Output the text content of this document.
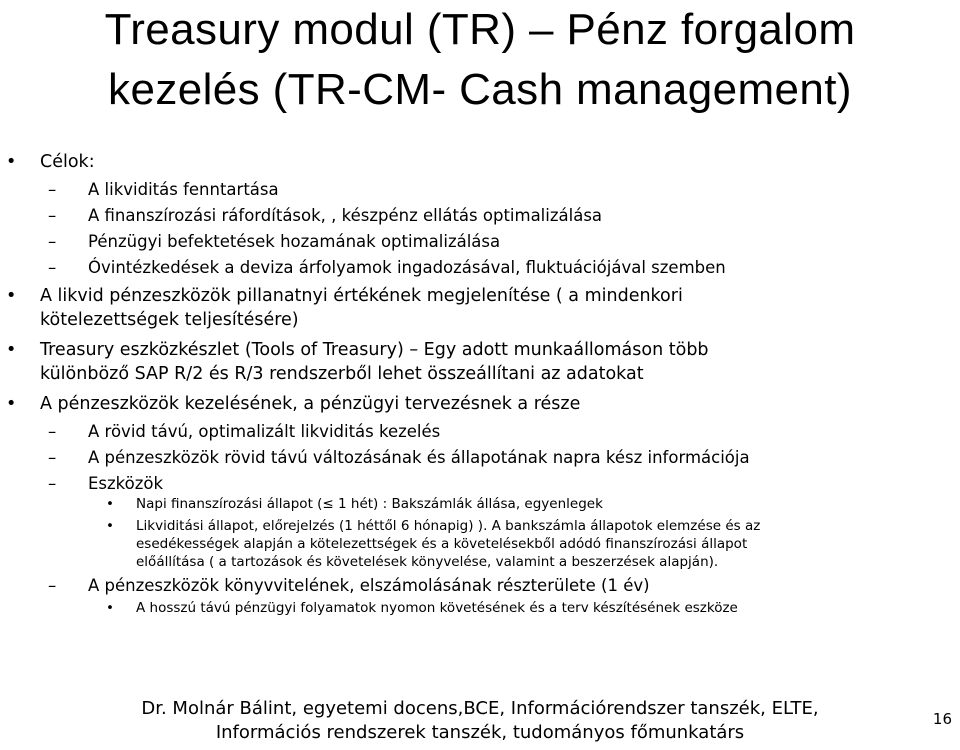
Treasury modul (TR) – Pénz forgalom
kezelés (TR-CM- Cash management)
• Célok:
– A likviditás fenntartása
– A finanszírozási ráfordítások, , készpénz ellátás optimalizálása
– Pénzügyi befektetések hozamának optimalizálása
– Óvintézkedések a deviza árfolyamok ingadozásával, fluktuációjával szemben
• A likvid pénzeszközök pillanatnyi értékének megjelenítése ( a mindenkori
kötelezettségek teljesítésére)
• Treasury eszközkészlet (Tools of Treasury) – Egy adott munkaállomáson több
különböző SAP R/2 és R/3 rendszerből lehet összeállítani az adatokat
• A pénzeszközök kezelésének, a pénzügyi tervezésnek a része
– A rövid távú, optimalizált likviditás kezelés
– A pénzeszközök rövid távú változásának és állapotának napra kész információja
– Eszközök
• Napi finanszírozási állapot (≤ 1 hét) : Bakszámlák állása, egyenlegek
• Likviditási állapot, előrejelzés (1 héttől 6 hónapig) ). A bankszámla állapotok elemzése és az
esedékességek alapján a kötelezettségek és a követelésekből adódó finanszírozási állapot
előállítása ( a tartozások és követelések könyvelése, valamint a beszerzések alapján).
– A pénzeszközök könyvvitelének, elszámolásának részterülete (1 év)
• A hosszú távú pénzügyi folyamatok nyomon követésének és a terv készítésének eszköze
Dr. Molnár Bálint, egyetemi docens,BCE, Információrendszer tanszék, ELTE,
Információs rendszerek tanszék, tudományos főmunkatárs
16
